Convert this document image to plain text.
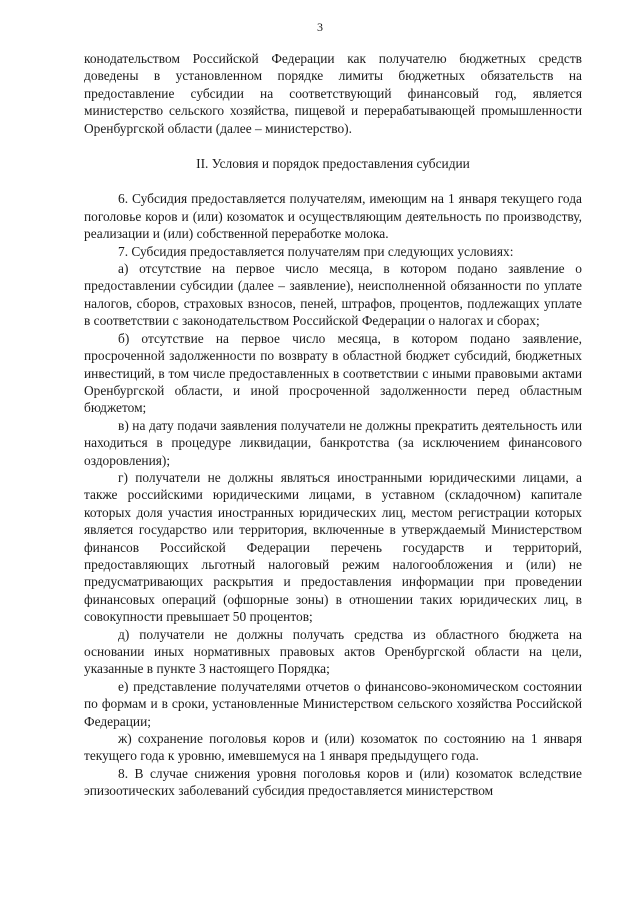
3

конодательством Российской Федерации как получателю бюджетных средств доведены в установленном порядке лимиты бюджетных обязательств на предоставление субсидии на соответствующий финансовый год, является министерство сельского хозяйства, пищевой и перерабатывающей промышленности Оренбургской области (далее – министерство).

II. Условия и порядок предоставления субсидии

6. Субсидия предоставляется получателям, имеющим на 1 января текущего года поголовье коров и (или) козоматок и осуществляющим деятельность по производству, реализации и (или) собственной переработке молока.

7. Субсидия предоставляется получателям при следующих условиях:

а) отсутствие на первое число месяца, в котором подано заявление о предоставлении субсидии (далее – заявление), неисполненной обязанности по уплате налогов, сборов, страховых взносов, пеней, штрафов, процентов, подлежащих уплате в соответствии с законодательством Российской Федерации о налогах и сборах;

б) отсутствие на первое число месяца, в котором подано заявление, просроченной задолженности по возврату в областной бюджет субсидий, бюджетных инвестиций, в том числе предоставленных в соответствии с иными правовыми актами Оренбургской области, и иной просроченной задолженности перед областным бюджетом;

в) на дату подачи заявления получатели не должны прекратить деятельность или находиться в процедуре ликвидации, банкротства (за исключением финансового оздоровления);

г) получатели не должны являться иностранными юридическими лицами, а также российскими юридическими лицами, в уставном (складочном) капитале которых доля участия иностранных юридических лиц, местом регистрации которых является государство или территория, включенные в утверждаемый Министерством финансов Российской Федерации перечень государств и территорий, предоставляющих льготный налоговый режим налогообложения и (или) не предусматривающих раскрытия и предоставления информации при проведении финансовых операций (офшорные зоны) в отношении таких юридических лиц, в совокупности превышает 50 процентов;

д) получатели не должны получать средства из областного бюджета на основании иных нормативных правовых актов Оренбургской области на цели, указанные в пункте 3 настоящего Порядка;

е) представление получателями отчетов о финансово-экономическом состоянии по формам и в сроки, установленные Министерством сельского хозяйства Российской Федерации;

ж) сохранение поголовья коров и (или) козоматок по состоянию на 1 января текущего года к уровню, имевшемуся на 1 января предыдущего года.

8. В случае снижения уровня поголовья коров и (или) козоматок вследствие эпизоотических заболеваний субсидия предоставляется министерством
